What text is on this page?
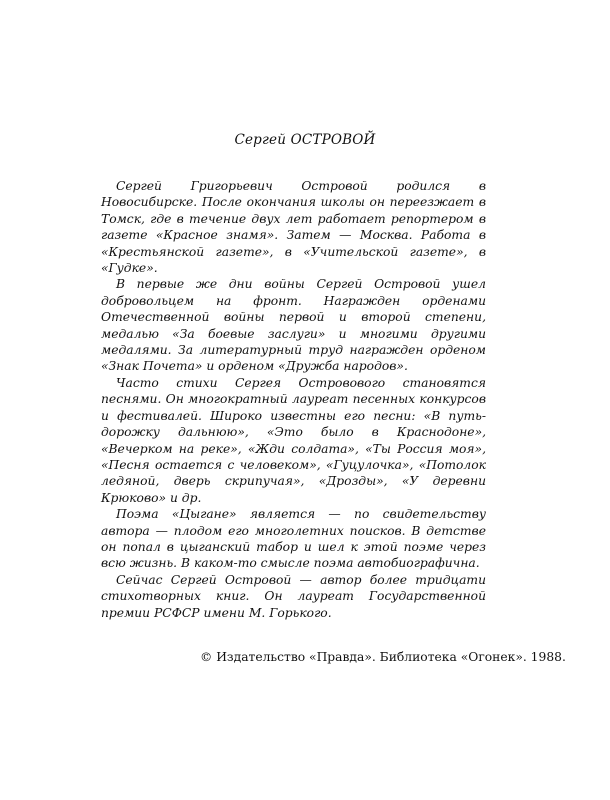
Сергей ОСТРОВОЙ

Сергей Григорьевич Островой родился в Новосибирске. После окончания школы он переезжает в Томск, где в течение двух лет работает репортером в газете «Красное знамя». Затем — Москва. Работа в «Крестьянской газете», в «Учительской газете», в «Гудке».

В первые же дни войны Сергей Островой ушел добровольцем на фронт. Награжден орденами Отечественной войны первой и второй степени, медалью «За боевые заслуги» и многими другими медалями. За литературный труд награжден орденом «Знак Почета» и орденом «Дружба народов».

Часто стихи Сергея Островового становятся песнями. Он многократный лауреат песенных конкурсов и фестивалей. Широко известны его песни: «В путь-дорожку дальнюю», «Это было в Краснодоне», «Вечерком на реке», «Жди солдата», «Ты Россия моя», «Песня остается с человеком», «Гуцулочка», «Потолок ледяной, дверь скрипучая», «Дрозды», «У деревни Крюково» и др.

Поэма «Цыгане» является — по свидетельству автора — плодом его многолетних поисков. В детстве он попал в цыганский табор и шел к этой поэме через всю жизнь. В каком-то смысле поэма автобиографична.

Сейчас Сергей Островой — автор более тридцати стихотворных книг. Он лауреат Государственной премии РСФСР имени М. Горького.

© Издательство «Правда». Библиотека «Огонек». 1988.
